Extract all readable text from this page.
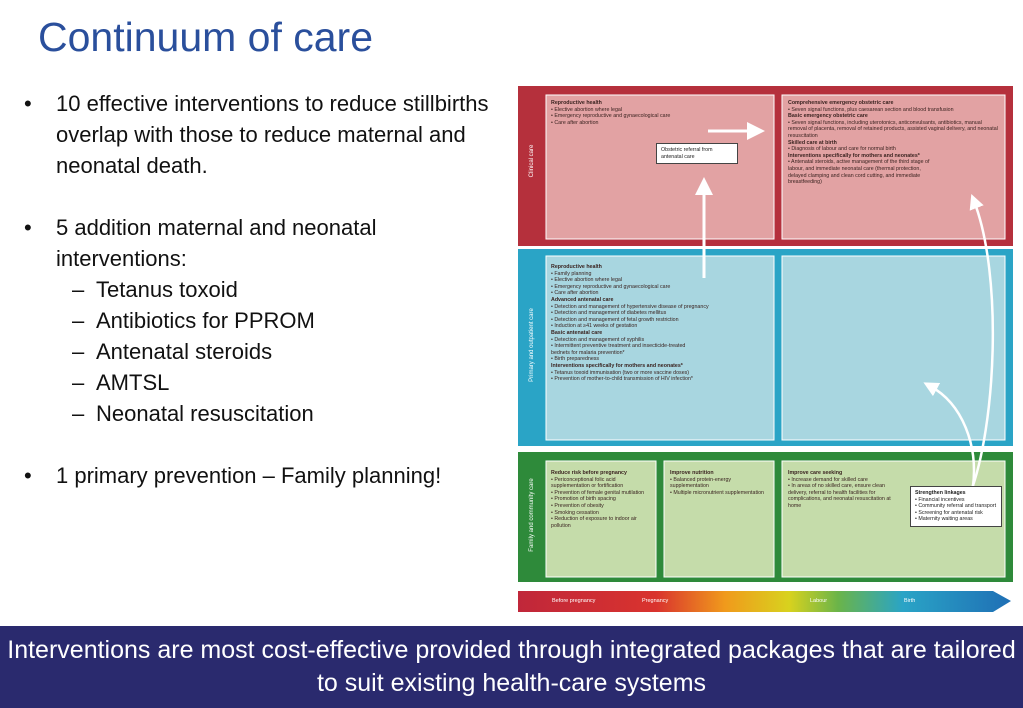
Continuum of care
• 10 effective interventions to reduce stillbirths overlap with those to reduce maternal and neonatal death.
• 5 addition maternal and neonatal interventions:
– Tetanus toxoid
– Antibiotics for PPROM
– Antenatal steroids
– AMTSL
– Neonatal resuscitation
• 1 primary prevention – Family planning!
Clinical care
Primary and outpatient care
Family and community care
Reproductive health
• Elective abortion where legal
• Emergency reproductive and gynaecological care
• Care after abortion
Obstetric referral from antenatal care
Comprehensive emergency obstetric care
• Seven signal functions, plus caesarean section and blood transfusion
Basic emergency obstetric care
• Seven signal functions, including uterotonics, anticonvulsants, antibiotics, manual removal of placenta, removal of retained products, assisted vaginal delivery, and neonatal resuscitation
Skilled care at birth
• Diagnosis of labour and care for normal birth
Interventions specifically for mothers and neonates*
• Antenatal steroids, active management of the third stage of labour, and immediate neonatal care (thermal protection, delayed clamping and clean cord cutting, and immediate breastfeeding)
Reproductive health
• Family planning
• Elective abortion where legal
• Emergency reproductive and gynaecological care
• Care after abortion
Advanced antenatal care
• Detection and management of hypertensive disease of pregnancy
• Detection and management of diabetes mellitus
• Detection and management of fetal growth restriction
• Induction at ≥41 weeks of gestation
Basic antenatal care
• Detection and management of syphilis
• Intermittent preventive treatment and insecticide-treated bednets for malaria prevention*
• Birth preparedness
Interventions specifically for mothers and neonates*
• Tetanus toxoid immunisation (two or more vaccine doses)
• Prevention of mother-to-child transmission of HIV infection*
Reduce risk before pregnancy
• Periconceptional folic acid supplementation or fortification
• Prevention of female genital mutilation
• Promotion of birth spacing
• Prevention of obesity
• Smoking cessation
• Reduction of exposure to indoor air pollution
Improve nutrition
• Balanced protein-energy supplementation
• Multiple micronutrient supplementation
Improve care seeking
• Increase demand for skilled care
• In areas of no skilled care, ensure clean delivery, referral to health facilities for complications, and neonatal resuscitation at home
Strengthen linkages
• Financial incentives
• Community referral and transport
• Screening for antenatal risk
• Maternity waiting areas
Before pregnancy	Pregnancy	Labour	Birth
Interventions are most cost-effective provided through integrated packages that are tailored to suit existing health-care systems
